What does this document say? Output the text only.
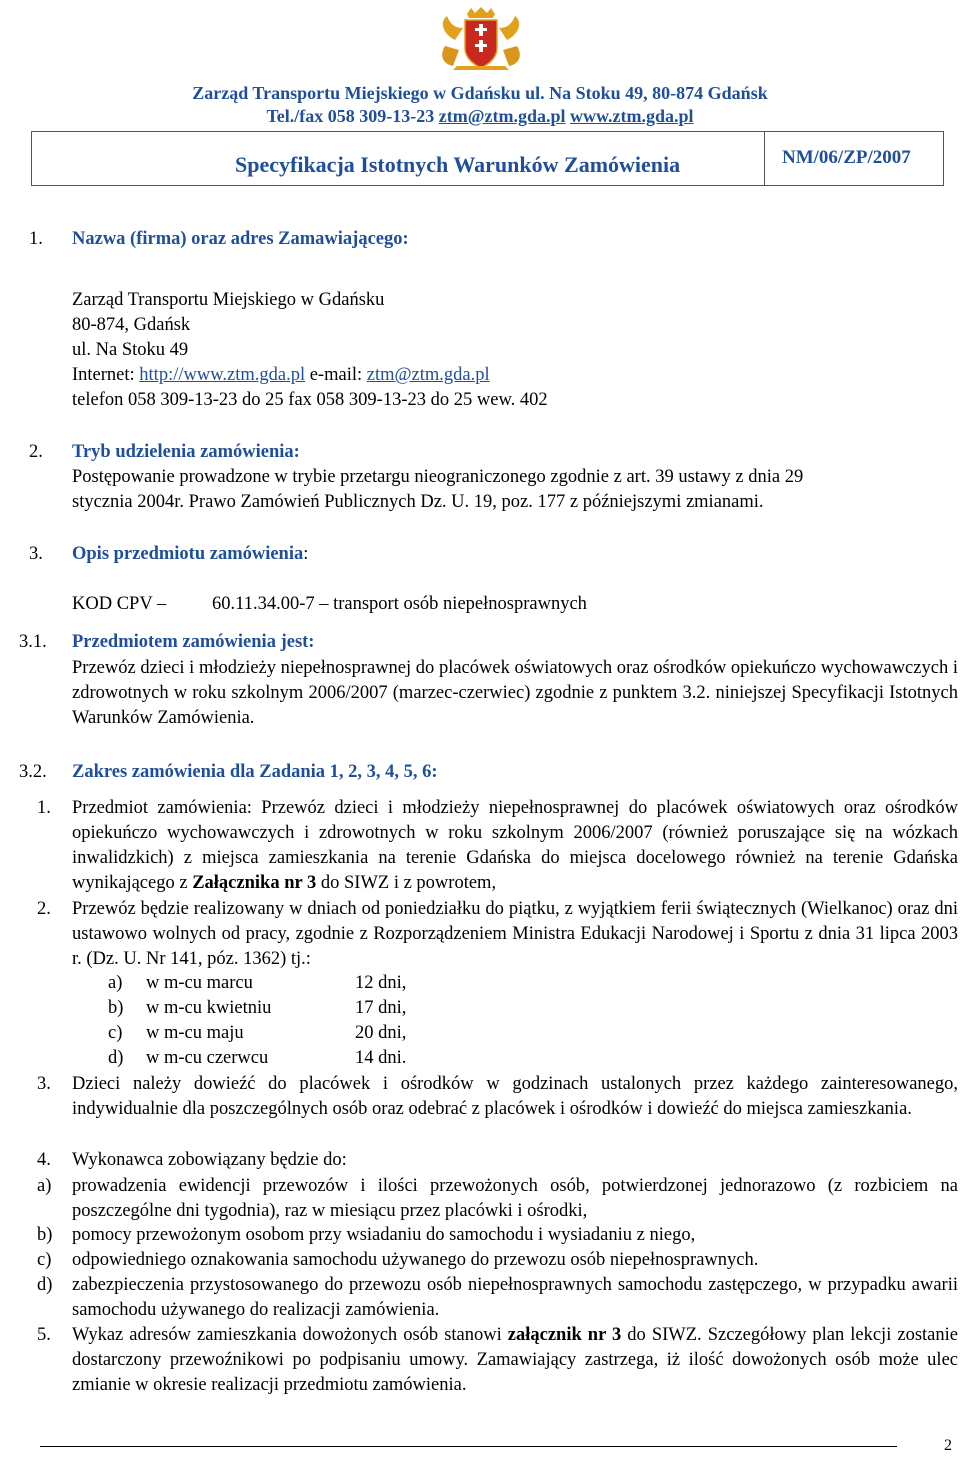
Zarząd Transportu Miejskiego w Gdańsku ul. Na Stoku 49, 80-874 Gdańsk
Tel./fax 058 309-13-23 ztm@ztm.gda.pl www.ztm.gda.pl
Specyfikacja Istotnych Warunków Zamówienia	NM/06/ZP/2007
1. Nazwa (firma) oraz adres Zamawiającego:
Zarząd Transportu Miejskiego w Gdańsku
80-874, Gdańsk
ul. Na Stoku 49
Internet: http://www.ztm.gda.pl e-mail: ztm@ztm.gda.pl
telefon 058 309-13-23 do 25 fax 058 309-13-23 do 25 wew. 402
2. Tryb udzielenia zamówienia:
Postępowanie prowadzone w trybie przetargu nieograniczonego zgodnie z art. 39 ustawy z dnia 29
stycznia 2004r. Prawo Zamówień Publicznych Dz. U. 19, poz. 177 z późniejszymi zmianami.
3. Opis przedmiotu zamówienia:
KOD CPV – 60.11.34.00-7 – transport osób niepełnosprawnych
3.1. Przedmiotem zamówienia jest:
Przewóz dzieci i młodzieży niepełnosprawnej do placówek oświatowych oraz ośrodków opiekuńczo wychowawczych i zdrowotnych w roku szkolnym 2006/2007 (marzec-czerwiec) zgodnie z punktem 3.2. niniejszej Specyfikacji Istotnych Warunków Zamówienia.
3.2. Zakres zamówienia dla Zadania 1, 2, 3, 4, 5, 6:
1. Przedmiot zamówienia: Przewóz dzieci i młodzieży niepełnosprawnej do placówek oświatowych oraz ośrodków opiekuńczo wychowawczych i zdrowotnych w roku szkolnym 2006/2007 (również poruszające się na wózkach inwalidzkich) z miejsca zamieszkania na terenie Gdańska do miejsca docelowego również na terenie Gdańska wynikającego z Załącznika nr 3 do SIWZ i z powrotem,
2. Przewóz będzie realizowany w dniach od poniedziałku do piątku, z wyjątkiem ferii świątecznych (Wielkanoc) oraz dni ustawowo wolnych od pracy, zgodnie z Rozporządzeniem Ministra Edukacji Narodowej i Sportu z dnia 31 lipca 2003 r. (Dz. U. Nr 141, póz. 1362) tj.:
a) w m-cu marcu	12 dni,
b) w m-cu kwietniu	17 dni,
c) w m-cu maju	20 dni,
d) w m-cu czerwcu	14 dni.
3. Dzieci należy dowieźć do placówek i ośrodków w godzinach ustalonych przez każdego zainteresowanego, indywidualnie dla poszczególnych osób oraz odebrać z placówek i ośrodków i dowieźć do miejsca zamieszkania.
4. Wykonawca zobowiązany będzie do:
a) prowadzenia ewidencji przewozów i ilości przewożonych osób, potwierdzonej jednorazowo (z rozbiciem na poszczególne dni tygodnia), raz w miesiącu przez placówki i ośrodki,
b) pomocy przewożonym osobom przy wsiadaniu do samochodu i wysiadaniu z niego,
c) odpowiedniego oznakowania samochodu używanego do przewozu osób niepełnosprawnych.
d) zabezpieczenia przystosowanego do przewozu osób niepełnosprawnych samochodu zastępczego, w przypadku awarii samochodu używanego do realizacji zamówienia.
5. Wykaz adresów zamieszkania dowożonych osób stanowi załącznik nr 3 do SIWZ. Szczegółowy plan lekcji zostanie dostarczony przewoźnikowi po podpisaniu umowy. Zamawiający zastrzega, iż ilość dowożonych osób może ulec zmianie w okresie realizacji przedmiotu zamówienia.
2
